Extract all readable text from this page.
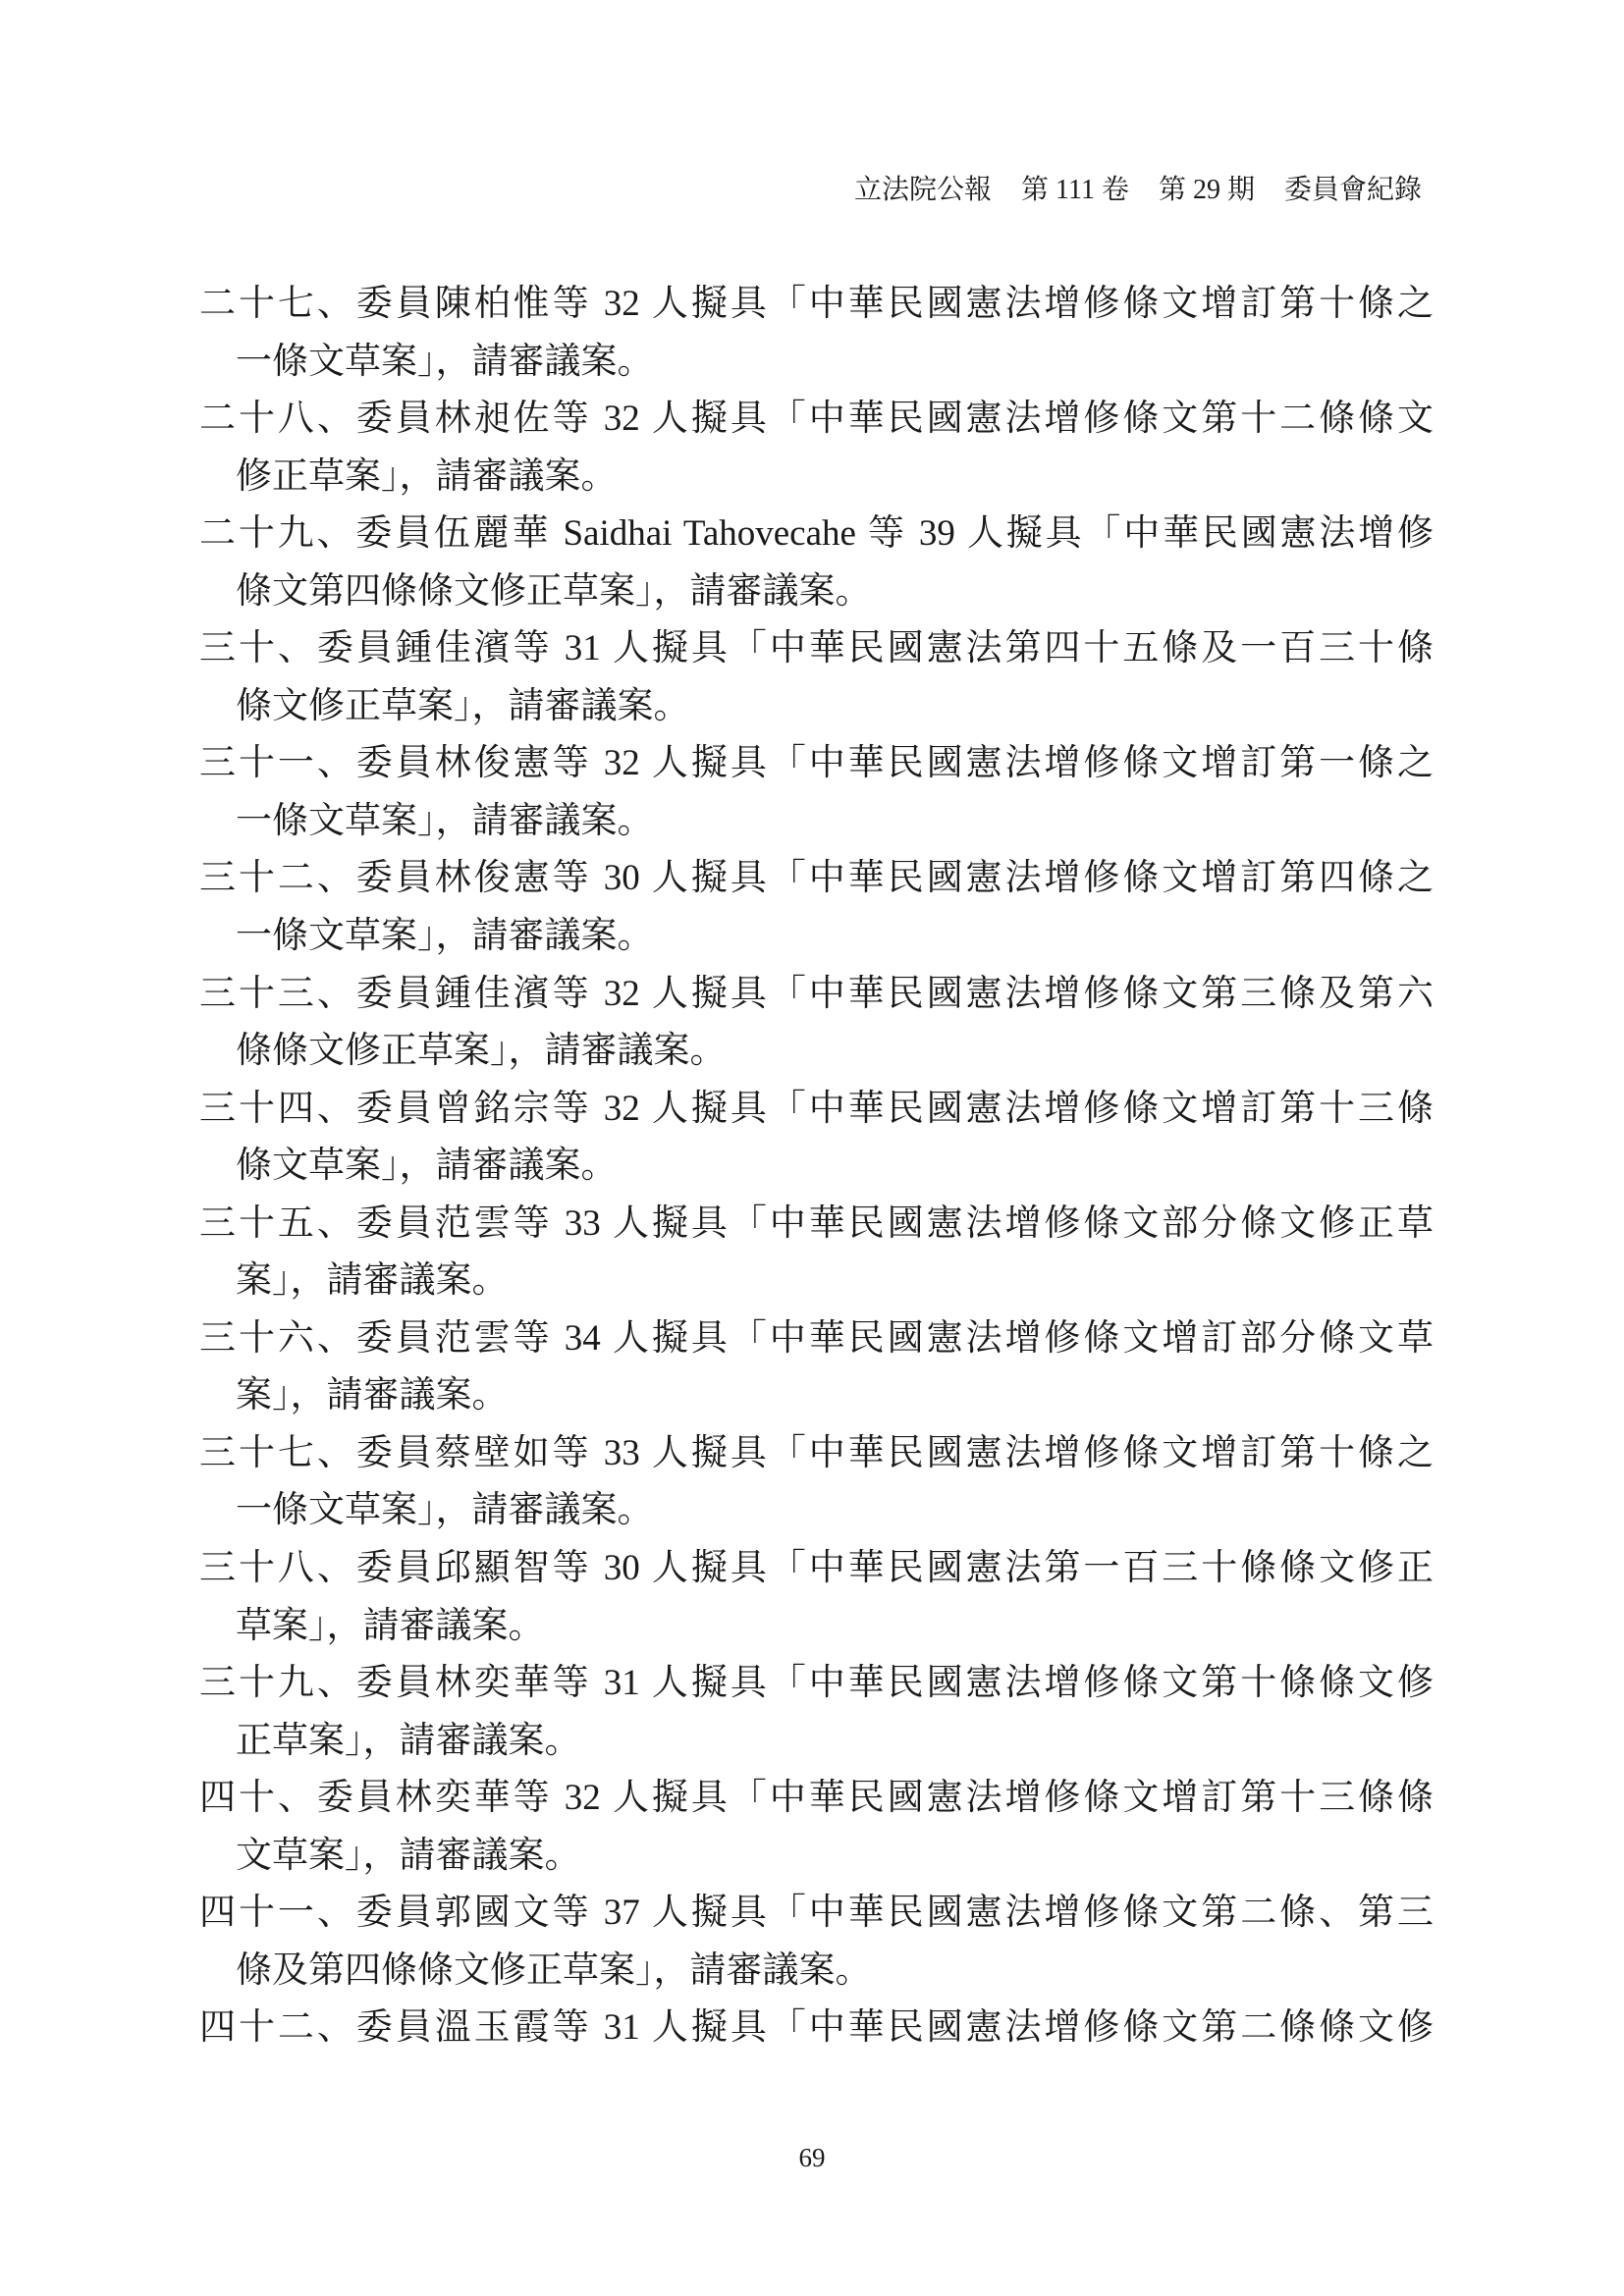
立法院公報 第 111 卷 第 29 期 委員會紀錄
二十七、委員陳柏惟等 32 人擬具「中華民國憲法增修條文增訂第十條之
一條文草案」，請審議案。
二十八、委員林昶佐等 32 人擬具「中華民國憲法增修條文第十二條條文
修正草案」，請審議案。
二十九、委員伍麗華 Saidhai Tahovecahe 等 39 人擬具「中華民國憲法增修
條文第四條條文修正草案」，請審議案。
三十、委員鍾佳濱等 31 人擬具「中華民國憲法第四十五條及一百三十條
條文修正草案」，請審議案。
三十一、委員林俊憲等 32 人擬具「中華民國憲法增修條文增訂第一條之
一條文草案」，請審議案。
三十二、委員林俊憲等 30 人擬具「中華民國憲法增修條文增訂第四條之
一條文草案」，請審議案。
三十三、委員鍾佳濱等 32 人擬具「中華民國憲法增修條文第三條及第六
條條文修正草案」，請審議案。
三十四、委員曾銘宗等 32 人擬具「中華民國憲法增修條文增訂第十三條
條文草案」，請審議案。
三十五、委員范雲等 33 人擬具「中華民國憲法增修條文部分條文修正草
案」，請審議案。
三十六、委員范雲等 34 人擬具「中華民國憲法增修條文增訂部分條文草
案」，請審議案。
三十七、委員蔡壁如等 33 人擬具「中華民國憲法增修條文增訂第十條之
一條文草案」，請審議案。
三十八、委員邱顯智等 30 人擬具「中華民國憲法第一百三十條條文修正
草案」，請審議案。
三十九、委員林奕華等 31 人擬具「中華民國憲法增修條文第十條條文修
正草案」，請審議案。
四十、委員林奕華等 32 人擬具「中華民國憲法增修條文增訂第十三條條
文草案」，請審議案。
四十一、委員郭國文等 37 人擬具「中華民國憲法增修條文第二條、第三
條及第四條條文修正草案」，請審議案。
四十二、委員溫玉霞等 31 人擬具「中華民國憲法增修條文第二條條文修
69
